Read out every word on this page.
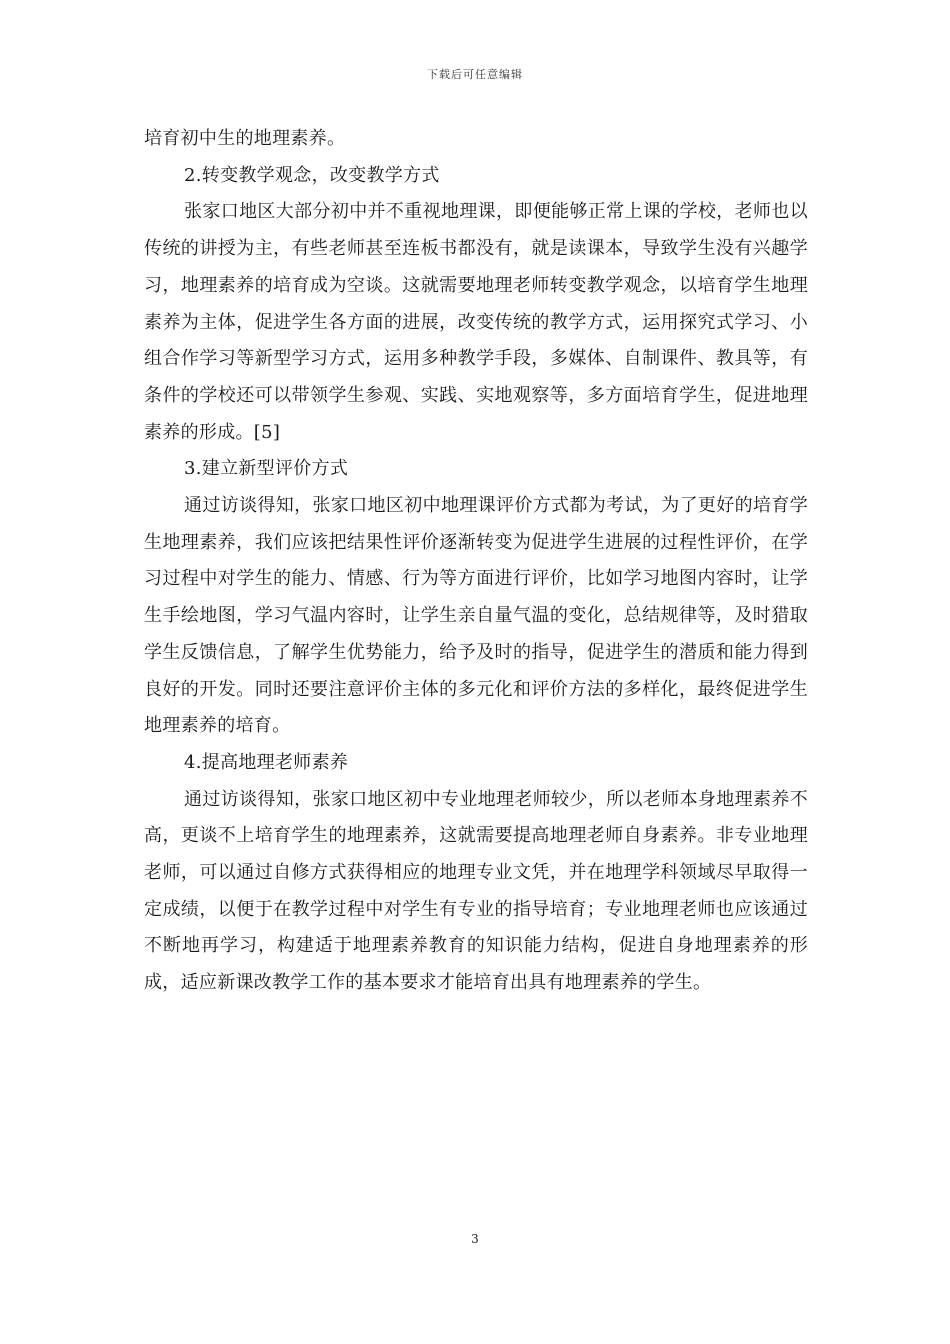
下载后可任意编辑

培育初中生的地理素养。

2.转变教学观念，改变教学方式

张家口地区大部分初中并不重视地理课，即便能够正常上课的学校，老师也以传统的讲授为主，有些老师甚至连板书都没有，就是读课本，导致学生没有兴趣学习，地理素养的培育成为空谈。这就需要地理老师转变教学观念，以培育学生地理素养为主体，促进学生各方面的进展，改变传统的教学方式，运用探究式学习、小组合作学习等新型学习方式，运用多种教学手段，多媒体、自制课件、教具等，有条件的学校还可以带领学生参观、实践、实地观察等，多方面培育学生，促进地理素养的形成。[5]

3.建立新型评价方式

通过访谈得知，张家口地区初中地理课评价方式都为考试，为了更好的培育学生地理素养，我们应该把结果性评价逐渐转变为促进学生进展的过程性评价，在学习过程中对学生的能力、情感、行为等方面进行评价，比如学习地图内容时，让学生手绘地图，学习气温内容时，让学生亲自量气温的变化，总结规律等，及时猎取学生反馈信息，了解学生优势能力，给予及时的指导，促进学生的潜质和能力得到良好的开发。同时还要注意评价主体的多元化和评价方法的多样化，最终促进学生地理素养的培育。

4.提高地理老师素养

通过访谈得知，张家口地区初中专业地理老师较少，所以老师本身地理素养不高，更谈不上培育学生的地理素养，这就需要提高地理老师自身素养。非专业地理老师，可以通过自修方式获得相应的地理专业文凭，并在地理学科领域尽早取得一定成绩，以便于在教学过程中对学生有专业的指导培育；专业地理老师也应该通过不断地再学习，构建适于地理素养教育的知识能力结构，促进自身地理素养的形成，适应新课改教学工作的基本要求才能培育出具有地理素养的学生。

3
